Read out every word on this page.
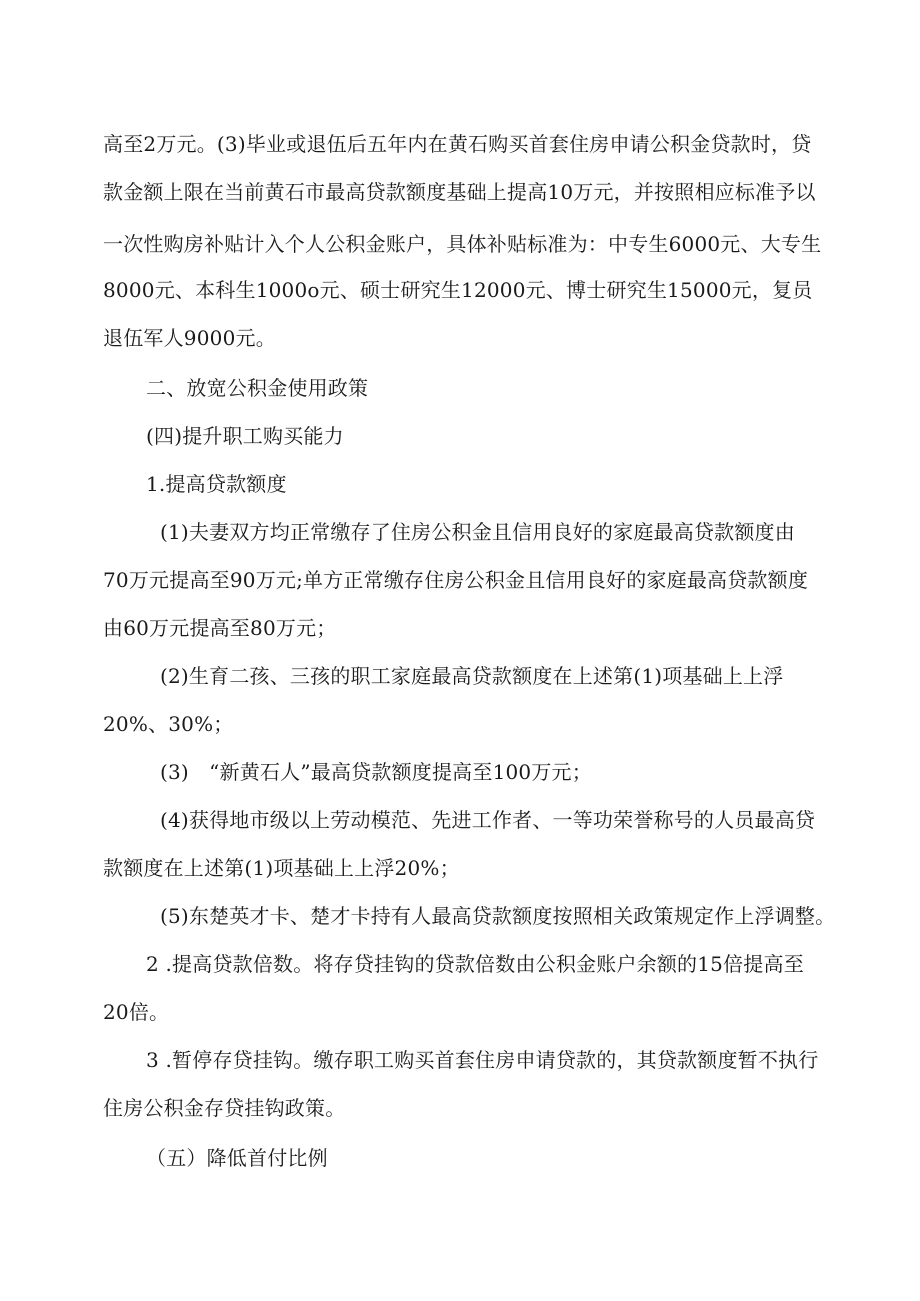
高至2万元。(3)毕业或退伍后五年内在黄石购买首套住房申请公积金贷款时，贷
款金额上限在当前黄石市最高贷款额度基础上提高10万元，并按照相应标准予以
一次性购房补贴计入个人公积金账户，具体补贴标准为：中专生6000元、大专生
8000元、本科生1000o元、硕士研究生12000元、博士研究生15000元，复员
退伍军人9000元。
二、放宽公积金使用政策
(四)提升职工购买能力
1.提高贷款额度
(1)夫妻双方均正常缴存了住房公积金且信用良好的家庭最高贷款额度由
70万元提高至90万元;单方正常缴存住房公积金且信用良好的家庭最高贷款额度
由60万元提高至80万元；
(2)生育二孩、三孩的职工家庭最高贷款额度在上述第(1)项基础上上浮
20%、30%；
(3)　“新黄石人”最高贷款额度提高至100万元；
(4)获得地市级以上劳动模范、先进工作者、一等功荣誉称号的人员最高贷
款额度在上述第(1)项基础上上浮20%；
(5)东楚英才卡、楚才卡持有人最高贷款额度按照相关政策规定作上浮调整。
2 .提高贷款倍数。将存贷挂钩的贷款倍数由公积金账户余额的15倍提高至
20倍。
3 .暂停存贷挂钩。缴存职工购买首套住房申请贷款的，其贷款额度暂不执行
住房公积金存贷挂钩政策。
（五）降低首付比例
